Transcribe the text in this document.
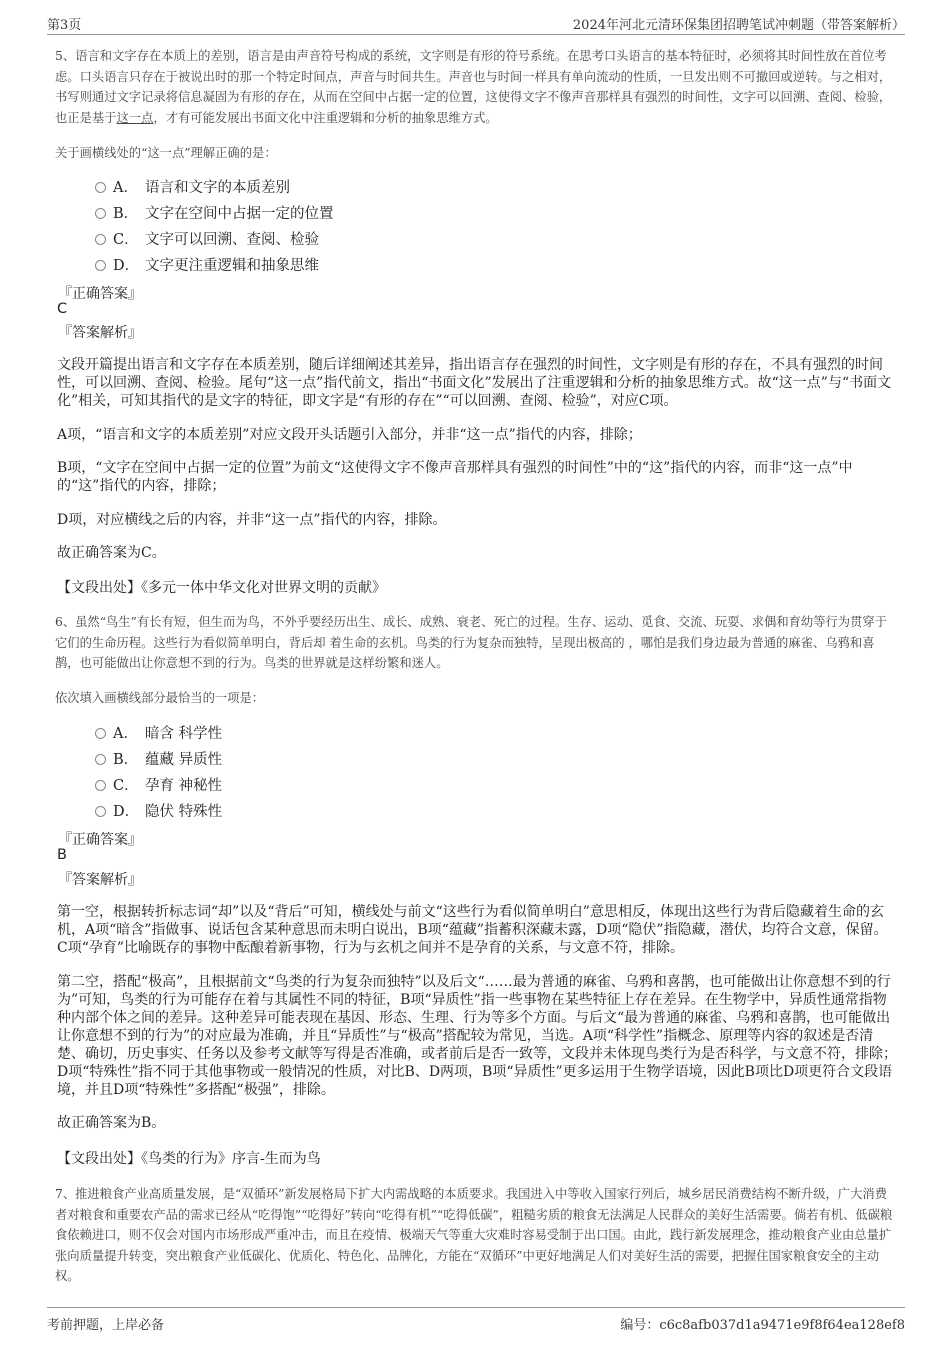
第3页	2024年河北元清环保集团招聘笔试冲刺题（带答案解析）
5、语言和文字存在本质上的差别，语言是由声音符号构成的系统，文字则是有形的符号系统。在思考口头语言的基本特征时，必须将其时间性放在首位考虑。口头语言只存在于被说出时的那一个特定时间点，声音与时间共生。声音也与时间一样具有单向流动的性质，一旦发出则不可撤回或逆转。与之相对，书写则通过文字记录将信息凝固为有形的存在，从而在空间中占据一定的位置，这使得文字不像声音那样具有强烈的时间性，文字可以回溯、查阅、检验，也正是基于这一点，才有可能发展出书面文化中注重逻辑和分析的抽象思维方式。
关于画横线处的“这一点”理解正确的是：
A． 语言和文字的本质差别
B． 文字在空间中占据一定的位置
C． 文字可以回溯、查阅、检验
D． 文字更注重逻辑和抽象思维
『正确答案』
C
『答案解析』
文段开篇提出语言和文字存在本质差别，随后详细阐述其差异，指出语言存在强烈的时间性，文字则是有形的存在，不具有强烈的时间性，可以回溯、查阅、检验。尾句“这一点”指代前文，指出“书面文化”发展出了注重逻辑和分析的抽象思维方式。故“这一点”与“书面文化”相关，可知其指代的是文字的特征，即文字是“有形的存在”“可以回溯、查阅、检验”，对应C项。
A项，“语言和文字的本质差别”对应文段开头话题引入部分，并非“这一点”指代的内容，排除；
B项，“文字在空间中占据一定的位置”为前文“这使得文字不像声音那样具有强烈的时间性”中的“这”指代的内容，而非“这一点”中的“这”指代的内容，排除；
D项，对应横线之后的内容，并非“这一点”指代的内容，排除。
故正确答案为C。
【文段出处】《多元一体中华文化对世界文明的贡献》
6、虽然“鸟生”有长有短，但生而为鸟，不外乎要经历出生、成长、成熟、衰老、死亡的过程。生存、运动、觅食、交流、玩耍、求偶和育幼等行为贯穿于它们的生命历程。这些行为看似简单明白，背后却 着生命的玄机。鸟类的行为复杂而独特，呈现出极高的 ，哪怕是我们身边最为普通的麻雀、乌鸦和喜鹊，也可能做出让你意想不到的行为。鸟类的世界就是这样纷繁和迷人。
依次填入画横线部分最恰当的一项是：
A． 暗含 科学性
B． 蕴藏 异质性
C． 孕育 神秘性
D． 隐伏 特殊性
『正确答案』
B
『答案解析』
第一空，根据转折标志词“却”以及“背后”可知，横线处与前文“这些行为看似简单明白”意思相反，体现出这些行为背后隐藏着生命的玄机，A项“暗含”指做事、说话包含某种意思而未明白说出，B项“蕴藏”指蓄积深藏未露，D项“隐伏”指隐藏，潜伏，均符合文意，保留。C项“孕育”比喻既存的事物中酝酿着新事物，行为与玄机之间并不是孕育的关系，与文意不符，排除。
第二空，搭配“极高”，且根据前文“鸟类的行为复杂而独特”以及后文“……最为普通的麻雀、乌鸦和喜鹊，也可能做出让你意想不到的行为”可知，鸟类的行为可能存在着与其属性不同的特征，B项“异质性”指一些事物在某些特征上存在差异。在生物学中，异质性通常指物种内部个体之间的差异。这种差异可能表现在基因、形态、生理、行为等多个方面。与后文“最为普通的麻雀、乌鸦和喜鹊，也可能做出让你意想不到的行为”的对应最为准确，并且“异质性”与“极高”搭配较为常见，当选。A项“科学性”指概念、原理等内容的叙述是否清楚、确切，历史事实、任务以及参考文献等写得是否准确，或者前后是否一致等，文段并未体现鸟类行为是否科学，与文意不符，排除；D项“特殊性”指不同于其他事物或一般情况的性质，对比B、D两项，B项“异质性”更多运用于生物学语境，因此B项比D项更符合文段语境，并且D项“特殊性”多搭配“极强”，排除。
故正确答案为B。
【文段出处】《鸟类的行为》序言-生而为鸟
7、推进粮食产业高质量发展，是“双循环”新发展格局下扩大内需战略的本质要求。我国进入中等收入国家行列后，城乡居民消费结构不断升级，广大消费者对粮食和重要农产品的需求已经从“吃得饱”“吃得好”转向“吃得有机”“吃得低碳”，粗糙劣质的粮食无法满足人民群众的美好生活需要。倘若有机、低碳粮食依赖进口，则不仅会对国内市场形成严重冲击，而且在疫情、极端天气等重大灾难时容易受制于出口国。由此，践行新发展理念，推动粮食产业由总量扩张向质量提升转变，突出粮食产业低碳化、优质化、特色化、品牌化，方能在“双循环”中更好地满足人们对美好生活的需要，把握住国家粮食安全的主动权。
考前押题，上岸必备	编号：c6c8afb037d1a9471e9f8f64ea128ef8
